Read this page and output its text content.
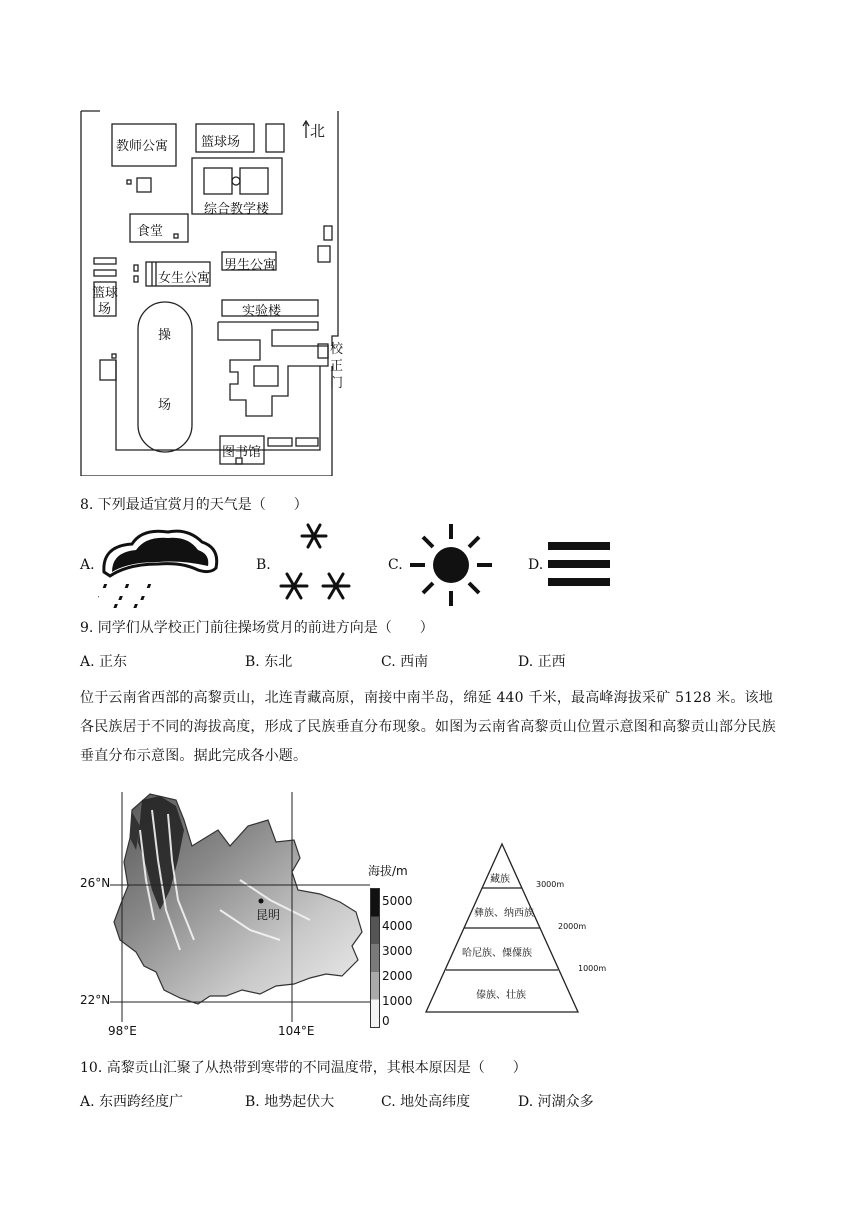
北
教师公寓	篮球场
综合教学楼
食堂
男生公寓
女生公寓
篮球
场
操
场
实验楼
校
正
门
图书馆
8. 下列最适宜赏月的天气是（　　）
A.	B.	C.	D.
9. 同学们从学校正门前往操场赏月的前进方向是（　　）
A. 正东	B. 东北	C. 西南	D. 正西
位于云南省西部的高黎贡山，北连青藏高原，南接中南半岛，绵延 440 千米，最高峰海拔采矿 5128 米。该地各民族居于不同的海拔高度，形成了民族垂直分布现象。如图为云南省高黎贡山位置示意图和高黎贡山部分民族垂直分布示意图。据此完成各小题。
26°N
22°N
98°E	104°E
昆明
海拔/m
5000
4000
3000
2000
1000
0
藏族
彝族、纳西族
哈尼族、傈僳族
傣族、壮族
3000m
2000m
1000m
10. 高黎贡山汇聚了从热带到寒带的不同温度带，其根本原因是（　　）
A. 东西跨经度广	B. 地势起伏大	C. 地处高纬度	D. 河湖众多
